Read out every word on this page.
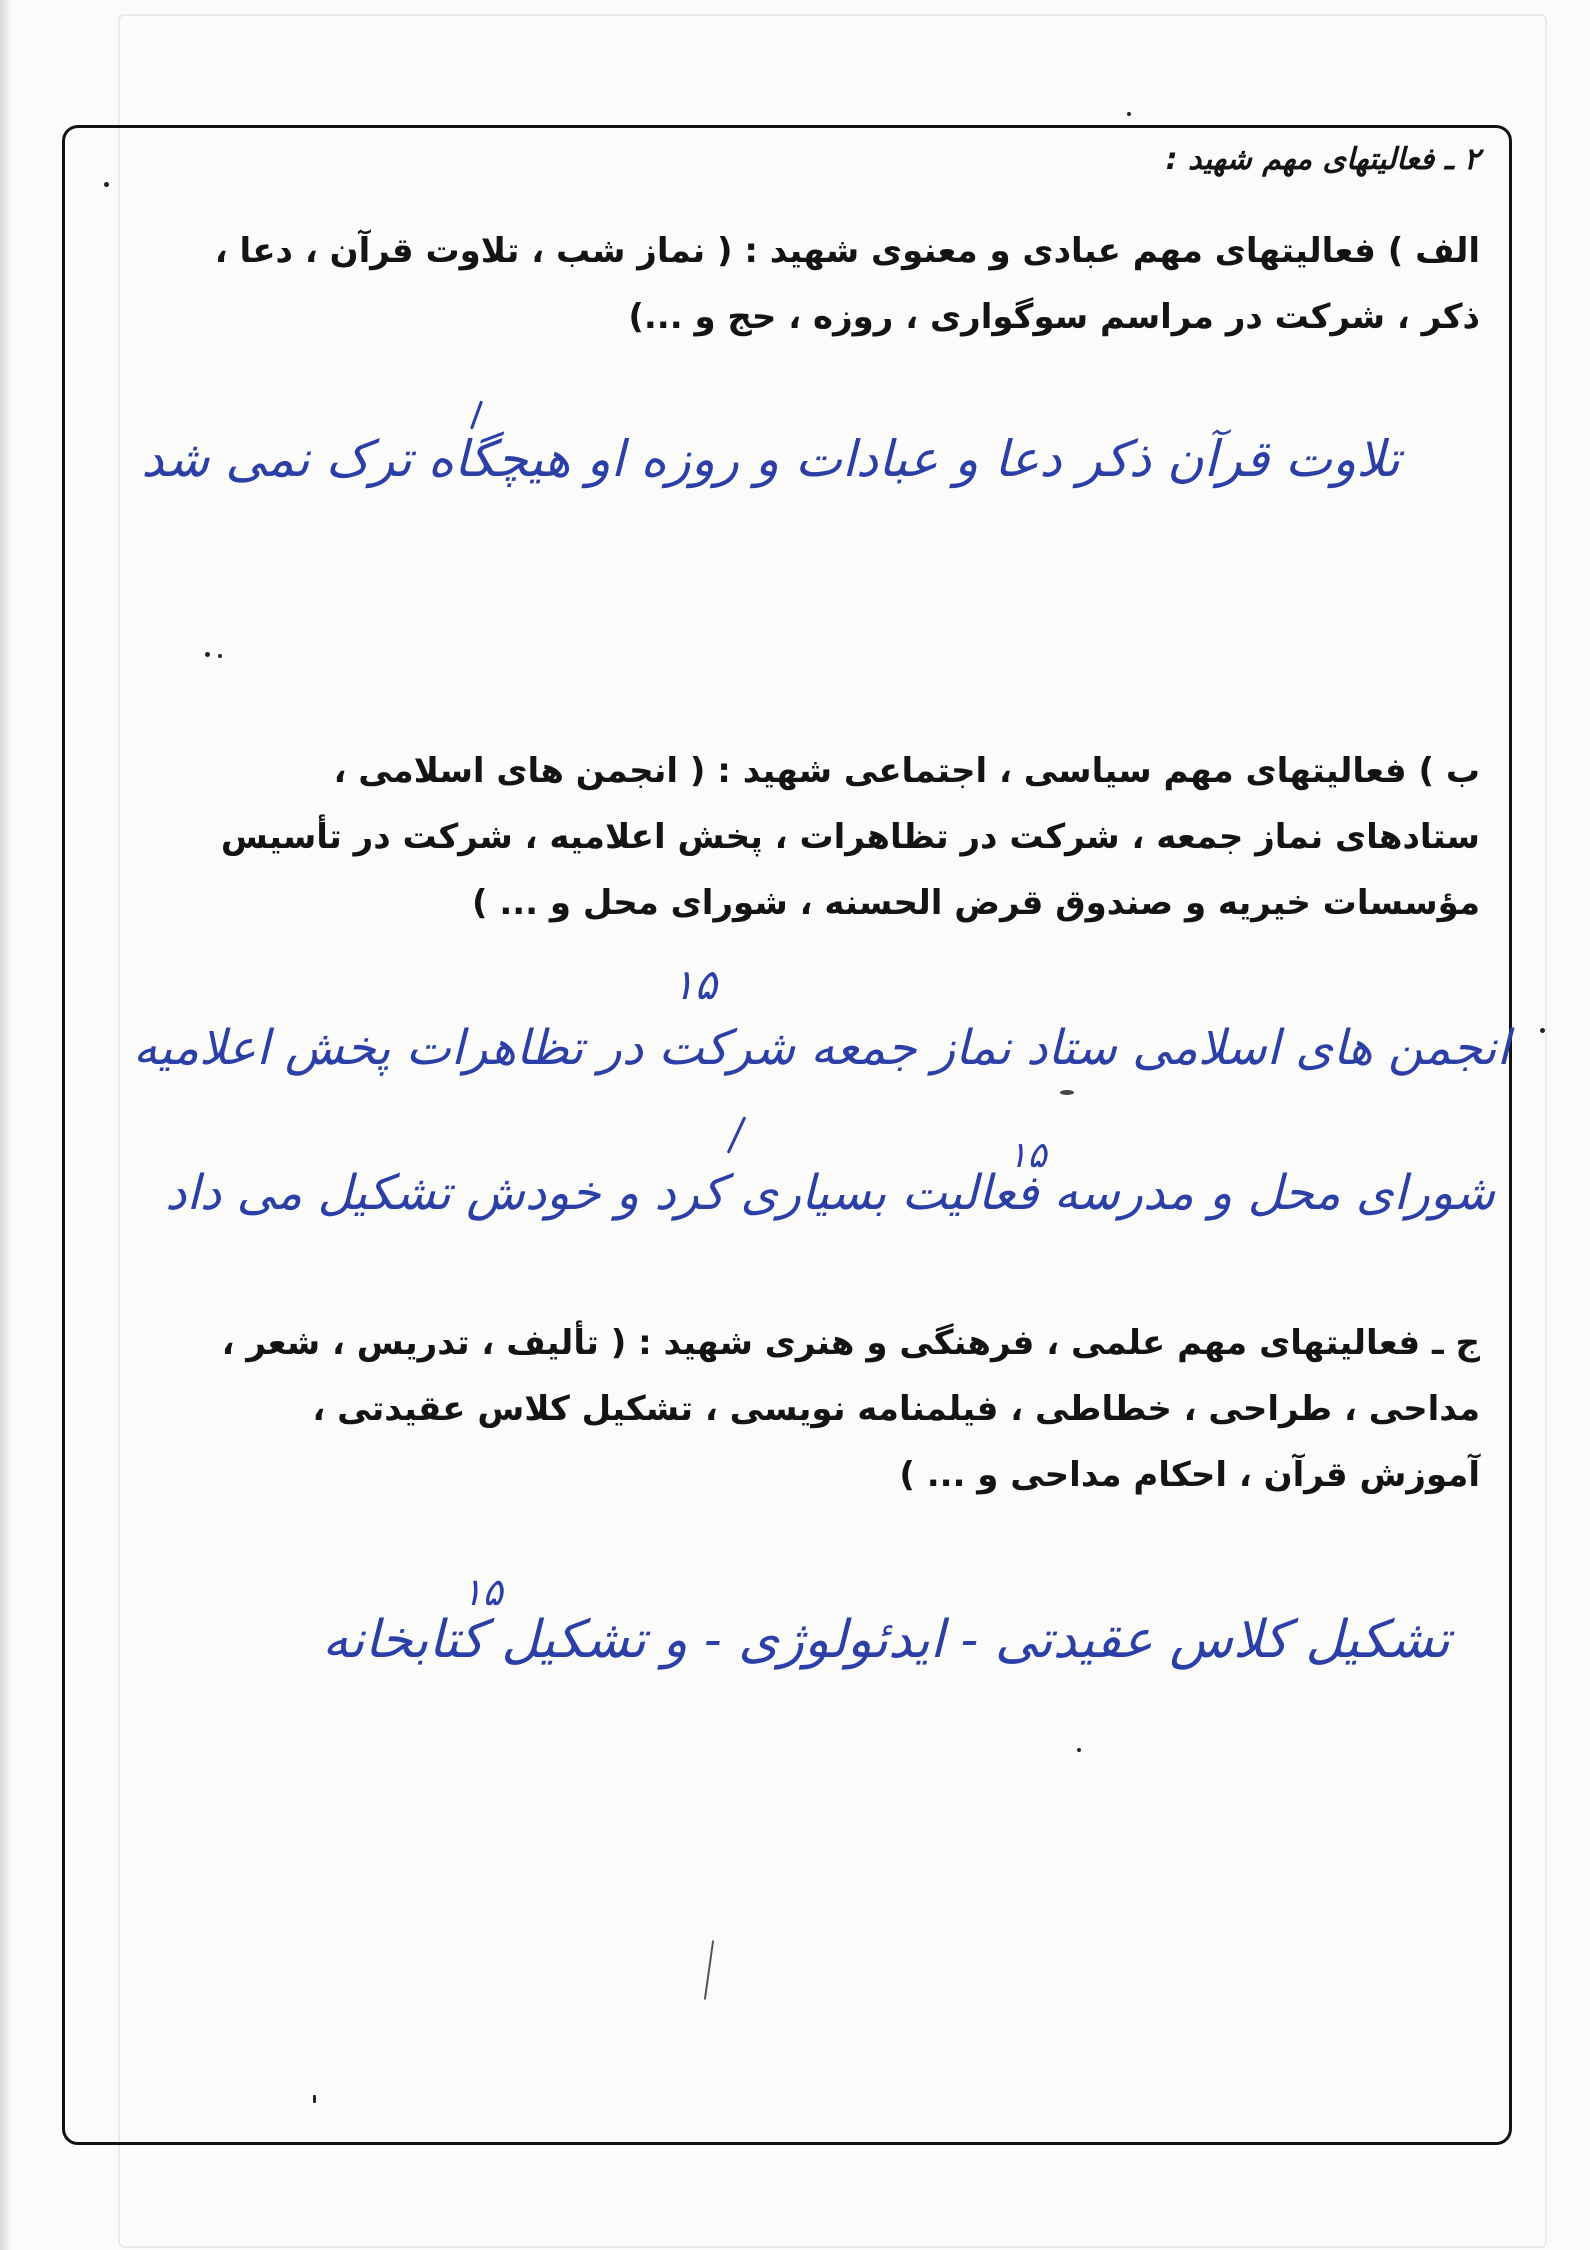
۲ ـ فعالیتهای مهم شهید :

الف ) فعالیتهای مهم عبادی و معنوی شهید : ( نماز شب ، تلاوت قرآن ، دعا ،

ذکر ، شرکت در مراسم سوگواری ، روزه ، حج و ...)

تلاوت قرآن ذکر دعا و عبادات و روزه او هیچگاه ترک نمی شد

ب ) فعالیتهای مهم سیاسی ، اجتماعی شهید : ( انجمن های اسلامی ،

ستادهای نماز جمعه ، شرکت در تظاهرات ، پخش اعلامیه ، شرکت در تأسیس

مؤسسات خیریه و صندوق قرض الحسنه ، شورای محل و ... )

۱۵
انجمن های اسلامی ستاد نماز جمعه شرکت در تظاهرات پخش اعلامیه
۱۵
شورای محل و مدرسه فعالیت بسیاری کرد و خودش تشکیل می داد

ج ـ فعالیتهای مهم علمی ، فرهنگی و هنری شهید : ( تألیف ، تدریس ، شعر ،

مداحی ، طراحی ، خطاطی ، فیلمنامه نویسی ، تشکیل کلاس عقیدتی ،

آموزش قرآن ، احکام مداحی و ... )

۱۵
تشکیل کلاس عقیدتی - ایدئولوژی - و تشکیل کتابخانه
